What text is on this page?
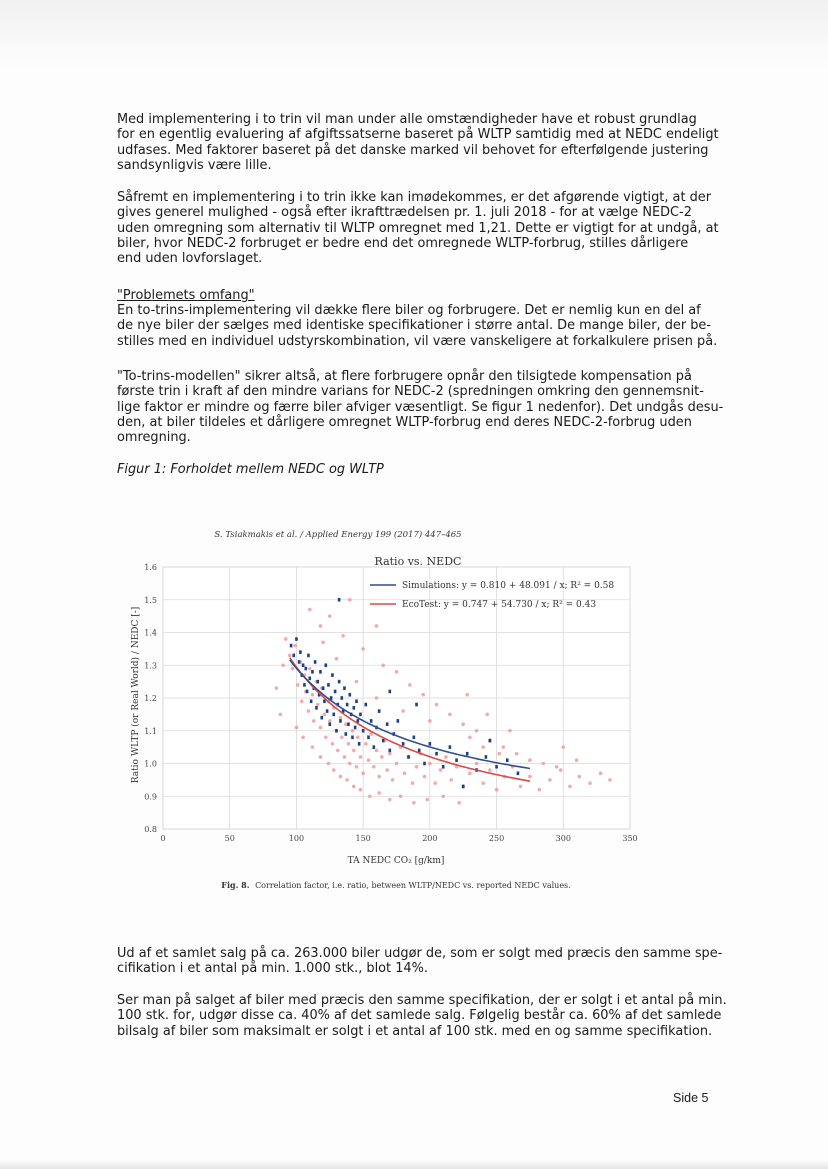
Med implementering i to trin vil man under alle omstændigheder have et robust grundlag
for en egentlig evaluering af afgiftssatserne baseret på WLTP samtidig med at NEDC endeligt
udfases. Med faktorer baseret på det danske marked vil behovet for efterfølgende justering
sandsynligvis være lille.

Såfremt en implementering i to trin ikke kan imødekommes, er det afgørende vigtigt, at der
gives generel mulighed - også efter ikrafttrædelsen pr. 1. juli 2018 - for at vælge NEDC-2
uden omregning som alternativ til WLTP omregnet med 1,21. Dette er vigtigt for at undgå, at
biler, hvor NEDC-2 forbruget er bedre end det omregnede WLTP-forbrug, stilles dårligere
end uden lovforslaget.

"Problemets omfang"

En to-trins-implementering vil dække flere biler og forbrugere. Det er nemlig kun en del af
de nye biler der sælges med identiske specifikationer i større antal. De mange biler, der be-
stilles med en individuel udstyrskombination, vil være vanskeligere at forkalkulere prisen på.

"To-trins-modellen" sikrer altså, at flere forbrugere opnår den tilsigtede kompensation på
første trin i kraft af den mindre varians for NEDC-2 (spredningen omkring den gennemsnit-
lige faktor er mindre og færre biler afviger væsentligt. Se figur 1 nedenfor). Det undgås desu-
den, at biler tildeles et dårligere omregnet WLTP-forbrug end deres NEDC-2-forbrug uden
omregning.

Figur 1: Forholdet mellem NEDC og WLTP

S. Tsiakmakis et al. / Applied Energy 199 (2017) 447–465
0.8
0.9
1.0
1.1
1.2
1.3
1.4
1.5
1.6
0	50	100	150	200	250	300	350
Ratio vs. NEDC
Simulations: y = 0.810 + 48.091 / x; R² = 0.58
EcoTest: y = 0.747 + 54.730 / x; R² = 0.43
TA NEDC CO₂ [g/km]
Ratio WLTP (or Real World) / NEDC [-]
Fig. 8. Correlation factor, i.e. ratio, between WLTP/NEDC vs. reported NEDC values.

Ud af et samlet salg på ca. 263.000 biler udgør de, som er solgt med præcis den samme spe-
cifikation i et antal på min. 1.000 stk., blot 14%.

Ser man på salget af biler med præcis den samme specifikation, der er solgt i et antal på min.
100 stk. for, udgør disse ca. 40% af det samlede salg. Følgelig består ca. 60% af det samlede
bilsalg af biler som maksimalt er solgt i et antal af 100 stk. med en og samme specifikation.

Side 5
